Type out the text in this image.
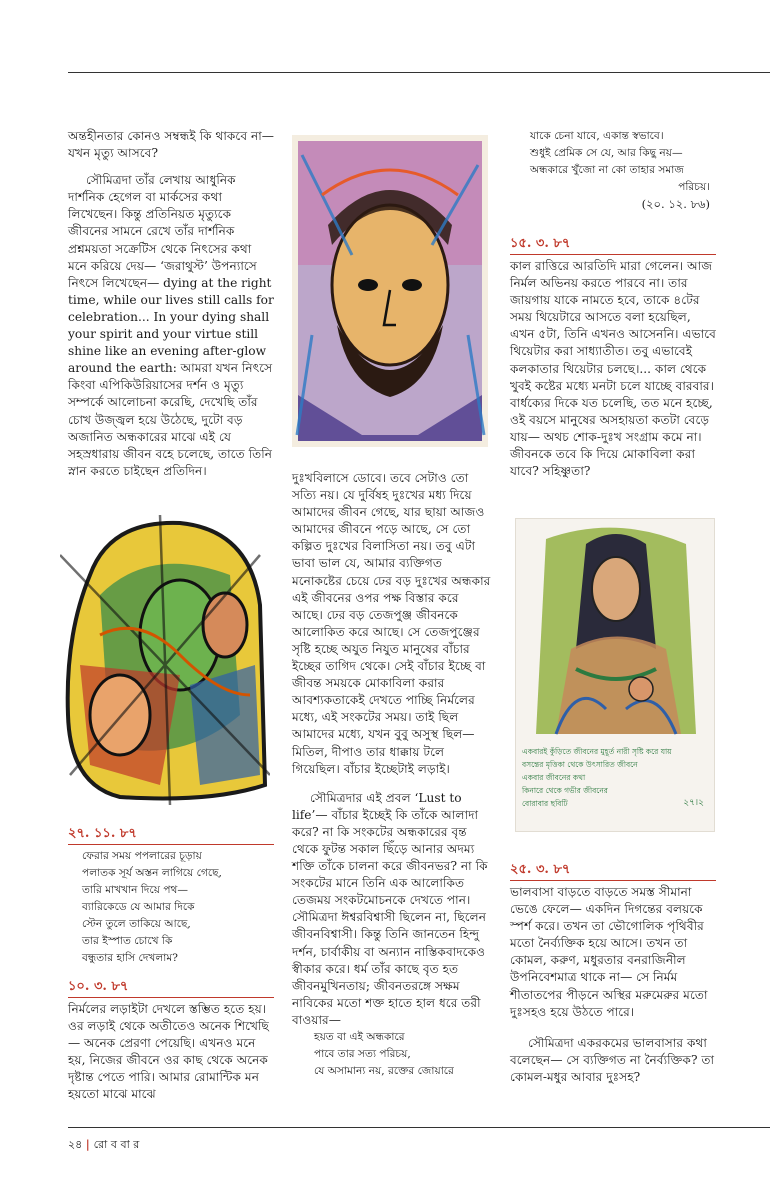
অন্তহীনতার কোনও সম্বন্ধই কি থাকবে না— যখন মৃত্যু আসবে?

সৌমিত্রদা তাঁর লেখায় আধুনিক দার্শনিক হেগেল বা মার্কসের কথা লিখেছেন। কিন্তু প্রতিনিয়ত মৃত্যুকে জীবনের সামনে রেখে তাঁর দার্শনিক প্রশ্নময়তা সক্রেটিস থেকে নিৎসের কথা মনে করিয়ে দেয়— ‘জরাথুস্ট’ উপন্যাসে নিৎসে লিখেছেন— dying at the right time, while our lives still calls for celebration... In your dying shall your spirit and your virtue still shine like an evening after-glow around the earth: আমরা যখন নিৎসে কিংবা এপিকিউরিয়াসের দর্শন ও মৃত্যু সম্পর্কে আলোচনা করেছি, দেখেছি তাঁর চোখ উজ্জ্বল হয়ে উঠেছে, দুটো বড় অজানিত অন্ধকারের মাঝে এই যে সহস্রধারায় জীবন বহে চলেছে, তাতে তিনি স্নান করতে চাইছেন প্রতিদিন।

২৭. ১১. ৮৭

ফেরার সময় পপলারের চূড়ায়
পলাতক সূর্য অস্তন লাগিয়ে গেছে,
তারি মাখখান দিয়ে পথ—
ব্যারিকেডে যে আমার দিকে
স্টেন তুলে তাকিয়ে আছে,
তার ইস্পাত চোখে কি
বন্ধুতার হাসি দেখলাম?

১০. ৩. ৮৭

নির্মলের লড়াইটা দেখলে স্তম্ভিত হতে হয়। ওর লড়াই থেকে অতীতেও অনেক শিখেছি— অনেক প্রেরণা পেয়েছি। এখনও মনে হয়, নিজের জীবনে ওর কাছ থেকে অনেক দৃষ্টান্ত পেতে পারি। আমার রোমান্টিক মন হয়তো মাঝে মাঝে

দুঃখবিলাসে ডোবে। তবে সেটাও তো সত্যি নয়। যে দুর্বিষহ দুঃখের মধ্য দিয়ে আমাদের জীবন গেছে, যার ছায়া আজও আমাদের জীবনে পড়ে আছে, সে তো কল্পিত দুঃখের বিলাসিতা নয়। তবু এটা ভাবা ভাল যে, আমার ব্যক্তিগত মনোকষ্টের চেয়ে ঢের বড় দুঃখের অন্ধকার এই জীবনের ওপর পক্ষ বিস্তার করে আছে। ঢের বড় তেজপুঞ্জ জীবনকে আলোকিত করে আছে। সে তেজপুঞ্জের সৃষ্টি হচ্ছে অযুত নিযুত মানুষের বাঁচার ইচ্ছের তাগিদ থেকে। সেই বাঁচার ইচ্ছে বা জীবন্ত সময়কে মোকাবিলা করার আবশ্যকতাকেই দেখতে পাচ্ছি নির্মলের মধ্যে, এই সংকটের সময়। তাই ছিল আমাদের মধ্যে, যখন বুবু অসুস্থ ছিল— মিতিল, দীপাও তার ধাক্কায় টলে গিয়েছিল। বাঁচার ইচ্ছেটাই লড়াই।

সৌমিত্রদার এই প্রবল ‘Lust to life’— বাঁচার ইচ্ছেই কি তাঁকে আলাদা করে? না কি সংকটের অন্ধকারের বৃন্ত থেকে ফুটন্ত সকাল ছিঁড়ে আনার অদম্য শক্তি তাঁকে চালনা করে জীবনভর? না কি সংকটের মানে তিনি এক আলোকিত তেজময় সংকটমোচনকে দেখতে পান। সৌমিত্রদা ঈশ্বরবিশ্বাসী ছিলেন না, ছিলেন জীবনবিশ্বাসী। কিন্তু তিনি জানতেন হিন্দু দর্শন, চার্বাকীয় বা অন্যান নাস্তিকবাদকেও স্বীকার করে। ধর্ম তাঁর কাছে বৃত হত জীবনমুখিনতায়; জীবনতরঙ্গে সক্ষম নাবিকের মতো শক্ত হাতে হাল ধরে তরী বাওয়ার—

হয়ত বা এই অন্ধকারে
পাবে তার সত্য পরিচয়,
যে অসামান্য নয়, রক্তের জোয়ারে
যাকে চেনা যাবে, একান্ত স্বভাবে।
শুধুই প্রেমিক সে যে, আর কিছু নয়—
অন্ধকারে খুঁজো না কো তাহার সমাজ
পরিচয়।

(২০. ১২. ৮৬)

১৫. ৩. ৮৭

কাল রাত্তিরে আরতিদি মারা গেলেন। আজ নির্মল অভিনয় করতে পারবে না। তার জায়গায় যাকে নামতে হবে, তাকে ৪টের সময় থিয়েটারে আসতে বলা হয়েছিল, এখন ৫টা, তিনি এখনও আসেননি। এভাবে থিয়েটার করা সাধ্যাতীত। তবু এভাবেই কলকাতার থিয়েটার চলছে।... কাল থেকে খুবই কষ্টের মধ্যে মনটা চলে যাচ্ছে বারবার। বার্ধক্যের দিকে যত চলেছি, তত মনে হচ্ছে, ওই বয়সে মানুষের অসহায়তা কতটা বেড়ে যায়— অথচ শোক-দুঃখ সংগ্রাম কমে না। জীবনকে তবে কি দিয়ে মোকাবিলা করা যাবে? সহিষ্ণুতা?

একবারই কুঁড়িতে জীবনের মুহূর্ত নারী সৃষ্টি করে যায়
বসন্তের মৃত্তিকা থেকে উৎসারিত জীবনে
একবার জীবনের কথা
কিনারে থেকে গভীর জীবনের
বোরাবার ছবিটি	২৭।২

২৫. ৩. ৮৭

ভালবাসা বাড়তে বাড়তে সমস্ত সীমানা ভেঙে ফেলে— একদিন দিগন্তের বলয়কে স্পর্শ করে। তখন তা ভৌগোলিক পৃথিবীর মতো নৈর্ব্যক্তিক হয়ে আসে। তখন তা কোমল, করুণ, মধুরতার বনরাজিনীল উপনিবেশমাত্র থাকে না— সে নির্মম শীতাতপের পীড়নে অস্থির মরুমেরুর মতো দুঃসহও হয়ে উঠতে পারে।

সৌমিত্রদা একরকমের ভালবাসার কথা বলেছেন— সে ব্যক্তিগত না নৈর্ব্যক্তিক? তা কোমল-মধুর আবার দুঃসহ?

২৪ | রো ব বা র
